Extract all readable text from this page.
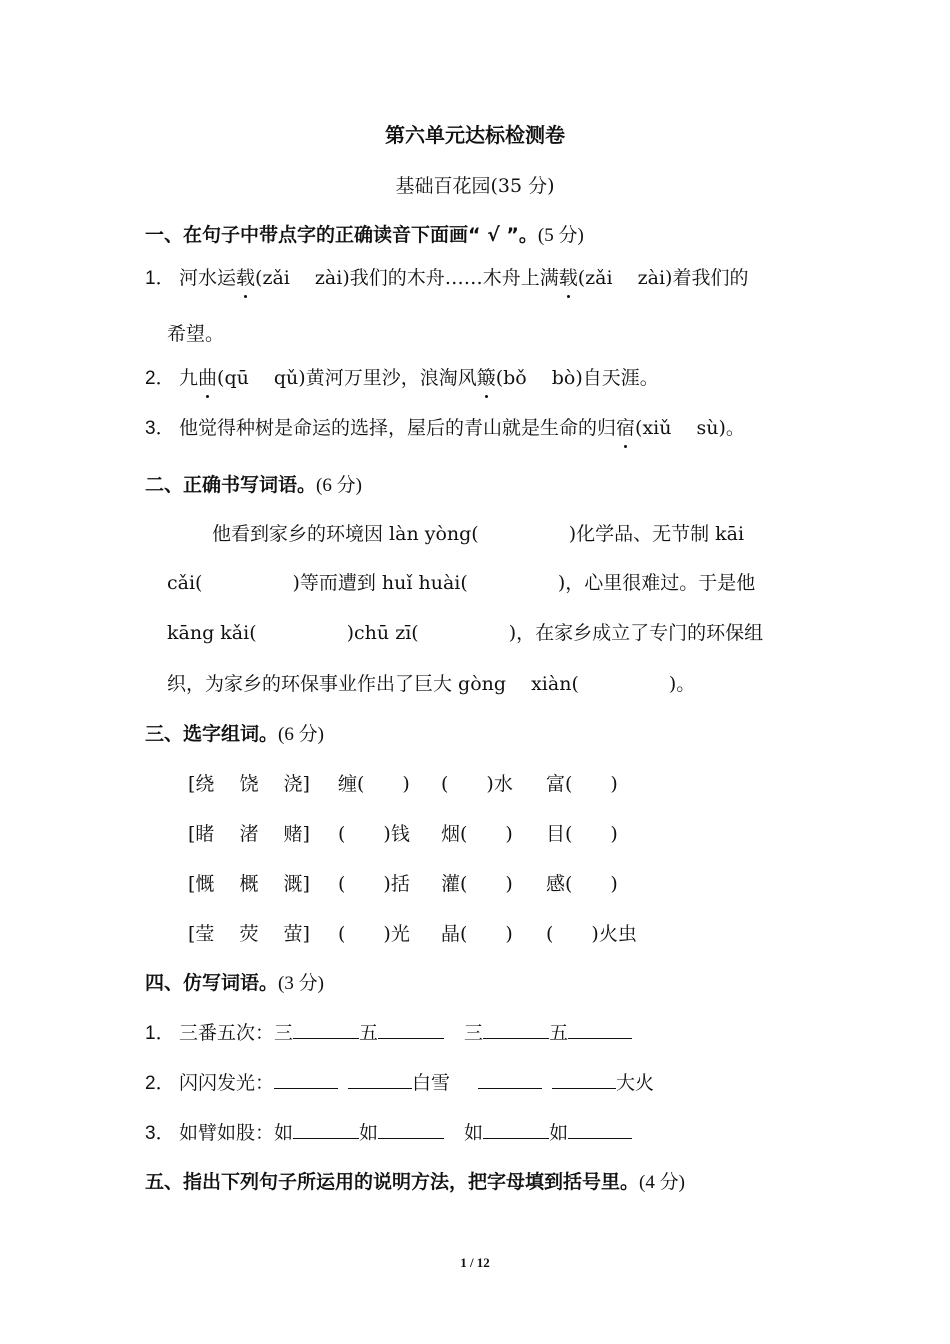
第六单元达标检测卷
基础百花园(35 分)
一、在句子中带点字的正确读音下面画“ √ ”。(5 分)
1． 河水运载(zǎi　 zài)我们的木舟……木舟上满载(zǎi　 zài)着我们的
希望。
2． 九曲(qū　 qǔ)黄河万里沙，浪淘风簸(bǒ　 bò)自天涯。
3． 他觉得种树是命运的选择，屋后的青山就是生命的归宿(xiǔ　 sù)。
二、正确书写词语。(6 分)
他看到家乡的环境因 làn yòng(	)化学品、无节制 kāi
cǎi(	)等而遭到 huǐ huài(	)，心里很难过。于是他
kāng kǎi(	)chū zī(	)，在家乡成立了专门的环保组
织，为家乡的环保事业作出了巨大 gòng　 xiàn(	)。
三、选字组词。(6 分)
[绕　 饶　 浇] 缠(　　) (　　)水 富(　　)
[睹　 渚　 赌] (　　)钱 烟(　　) 目(　　)
[慨　 概　 溉] (　　)括 灌(　　) 感(　　)
[莹　 荧　 萤] (　　)光 晶(　　) (　　)火虫
四、仿写词语。(3 分)
1． 三番五次：三	五	三	五
2． 闪闪发光：	白雪	大火
3． 如臂如股：如	如	如	如
五、指出下列句子所运用的说明方法，把字母填到括号里。(4 分)
1 / 12
